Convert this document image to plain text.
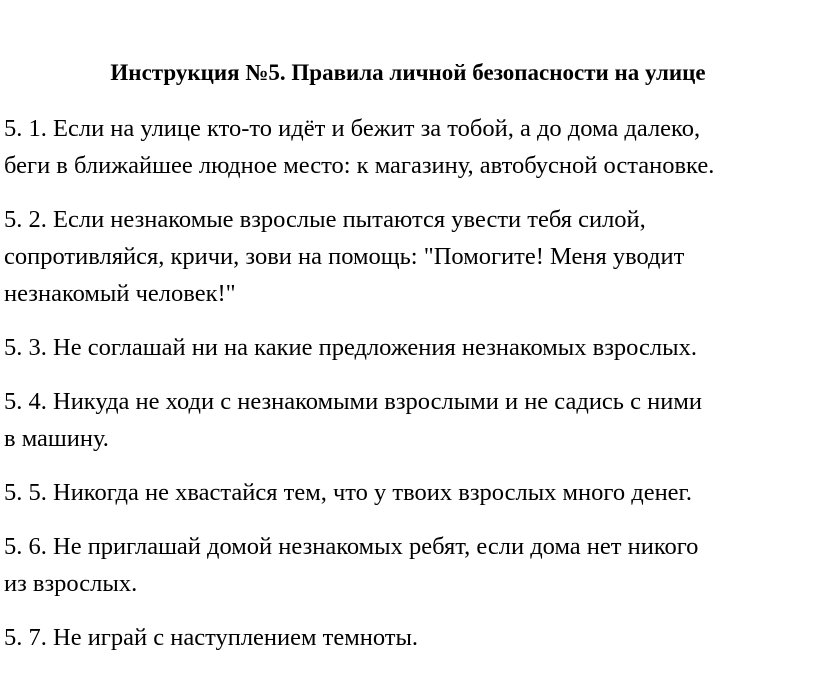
Инструкция №5. Правила личной безопасности на улице
5. 1. Если на улице кто-то идёт и бежит за тобой, а до дома далеко,
беги в ближайшее людное место: к магазину, автобусной остановке.
5. 2. Если незнакомые взрослые пытаются увести тебя силой,
сопротивляйся, кричи, зови на помощь: "Помогите! Меня уводит
незнакомый человек!"
5. 3. Не соглашай ни на какие предложения незнакомых взрослых.
5. 4. Никуда не ходи с незнакомыми взрослыми и не садись с ними
в машину.
5. 5. Никогда не хвастайся тем, что у твоих взрослых много денег.
5. 6. Не приглашай домой незнакомых ребят, если дома нет никого
из взрослых.
5. 7. Не играй с наступлением темноты.
